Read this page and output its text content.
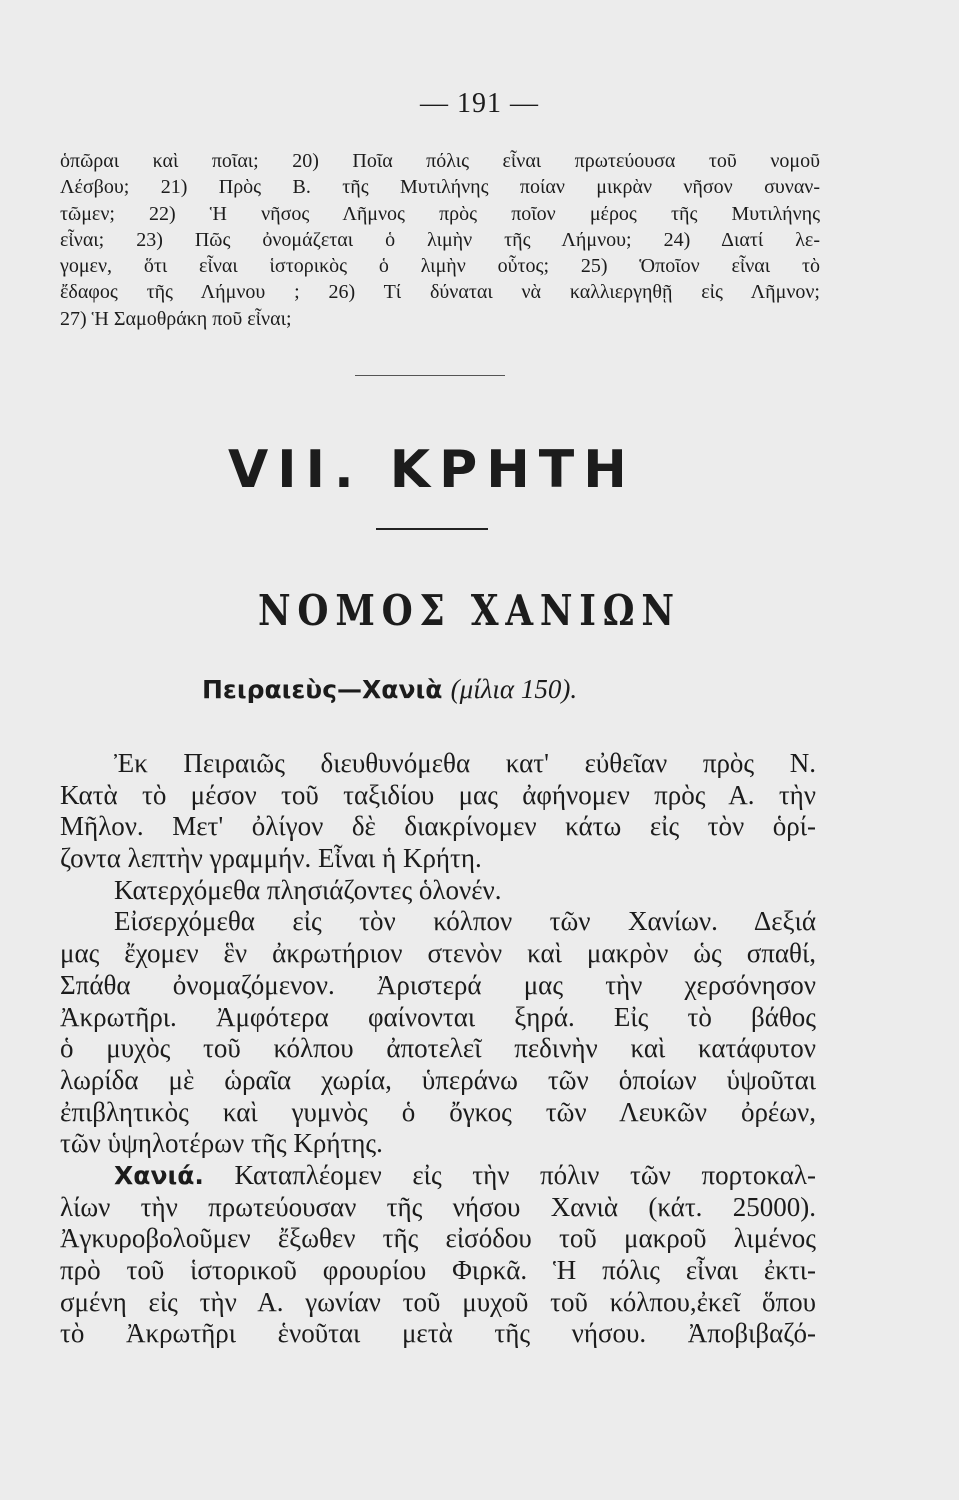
— 191 —
ὁπῶραι καὶ ποῖαι; 20) Ποῖα πόλις εἶναι πρωτεύουσα τοῦ νομοῦ
Λέσβου; 21) Πρὸς Β. τῆς Μυτιλήνης ποίαν μικρὰν νῆσον συναν-
τῶμεν; 22) Ἡ νῆσος Λῆμνος πρὸς ποῖον μέρος τῆς Μυτιλήνης
εἶναι; 23) Πῶς ὀνομάζεται ὁ λιμὴν τῆς Λήμνου; 24) Διατί λε-
γομεν, ὅτι εἶναι ἱστορικὸς ὁ λιμὴν οὗτος; 25) Ὁποῖον εἶναι τὸ
ἔδαφος τῆς Λήμνου ; 26) Τί δύναται νὰ καλλιεργηθῇ εἰς Λῆμνον;
27) Ἡ Σαμοθράκη ποῦ εἶναι;
VII. ΚΡΗΤΗ
ΝΟΜΟΣ ΧΑΝΙΩΝ
Πειραιεὺς—Χανιὰ (μίλια 150).
Ἐκ Πειραιῶς διευθυνόμεθα κατ' εὐθεῖαν πρὸς Ν.
Κατὰ τὸ μέσον τοῦ ταξιδίου μας ἀφήνομεν πρὸς Α. τὴν
Μῆλον. Μετ' ὀλίγον δὲ διακρίνομεν κάτω εἰς τὸν ὁρί-
ζοντα λεπτὴν γραμμήν. Εἶναι ἡ Κρήτη.
Κατερχόμεθα πλησιάζοντες ὁλονέν.
Εἰσερχόμεθα εἰς τὸν κόλπον τῶν Χανίων. Δεξιά
μας ἔχομεν ἓν ἀκρωτήριον στενὸν καὶ μακρὸν ὡς σπαθί,
Σπάθα ὀνομαζόμενον. Ἀριστερά μας τὴν χερσόνησον
Ἀκρωτῆρι. Ἀμφότερα φαίνονται ξηρά. Εἰς τὸ βάθος
ὁ μυχὸς τοῦ κόλπου ἀποτελεῖ πεδινὴν καὶ κατάφυτον
λωρίδα μὲ ὡραῖα χωρία, ὑπεράνω τῶν ὁποίων ὑψοῦται
ἐπιβλητικὸς καὶ γυμνὸς ὁ ὄγκος τῶν Λευκῶν ὀρέων,
τῶν ὑψηλοτέρων τῆς Κρήτης.
Χανιά. Καταπλέομεν εἰς τὴν πόλιν τῶν πορτοκαλ-
λίων τὴν πρωτεύουσαν τῆς νήσου Χανιὰ (κάτ. 25000).
Ἀγκυροβολοῦμεν ἔξωθεν τῆς εἰσόδου τοῦ μακροῦ λιμένος
πρὸ τοῦ ἱστορικοῦ φρουρίου Φιρκᾶ. Ἡ πόλις εἶναι ἐκτι-
σμένη εἰς τὴν Α. γωνίαν τοῦ μυχοῦ τοῦ κόλπου,ἐκεῖ ὅπου
τὸ Ἀκρωτῆρι ἑνοῦται μετὰ τῆς νήσου. Ἀποβιβαζό-
